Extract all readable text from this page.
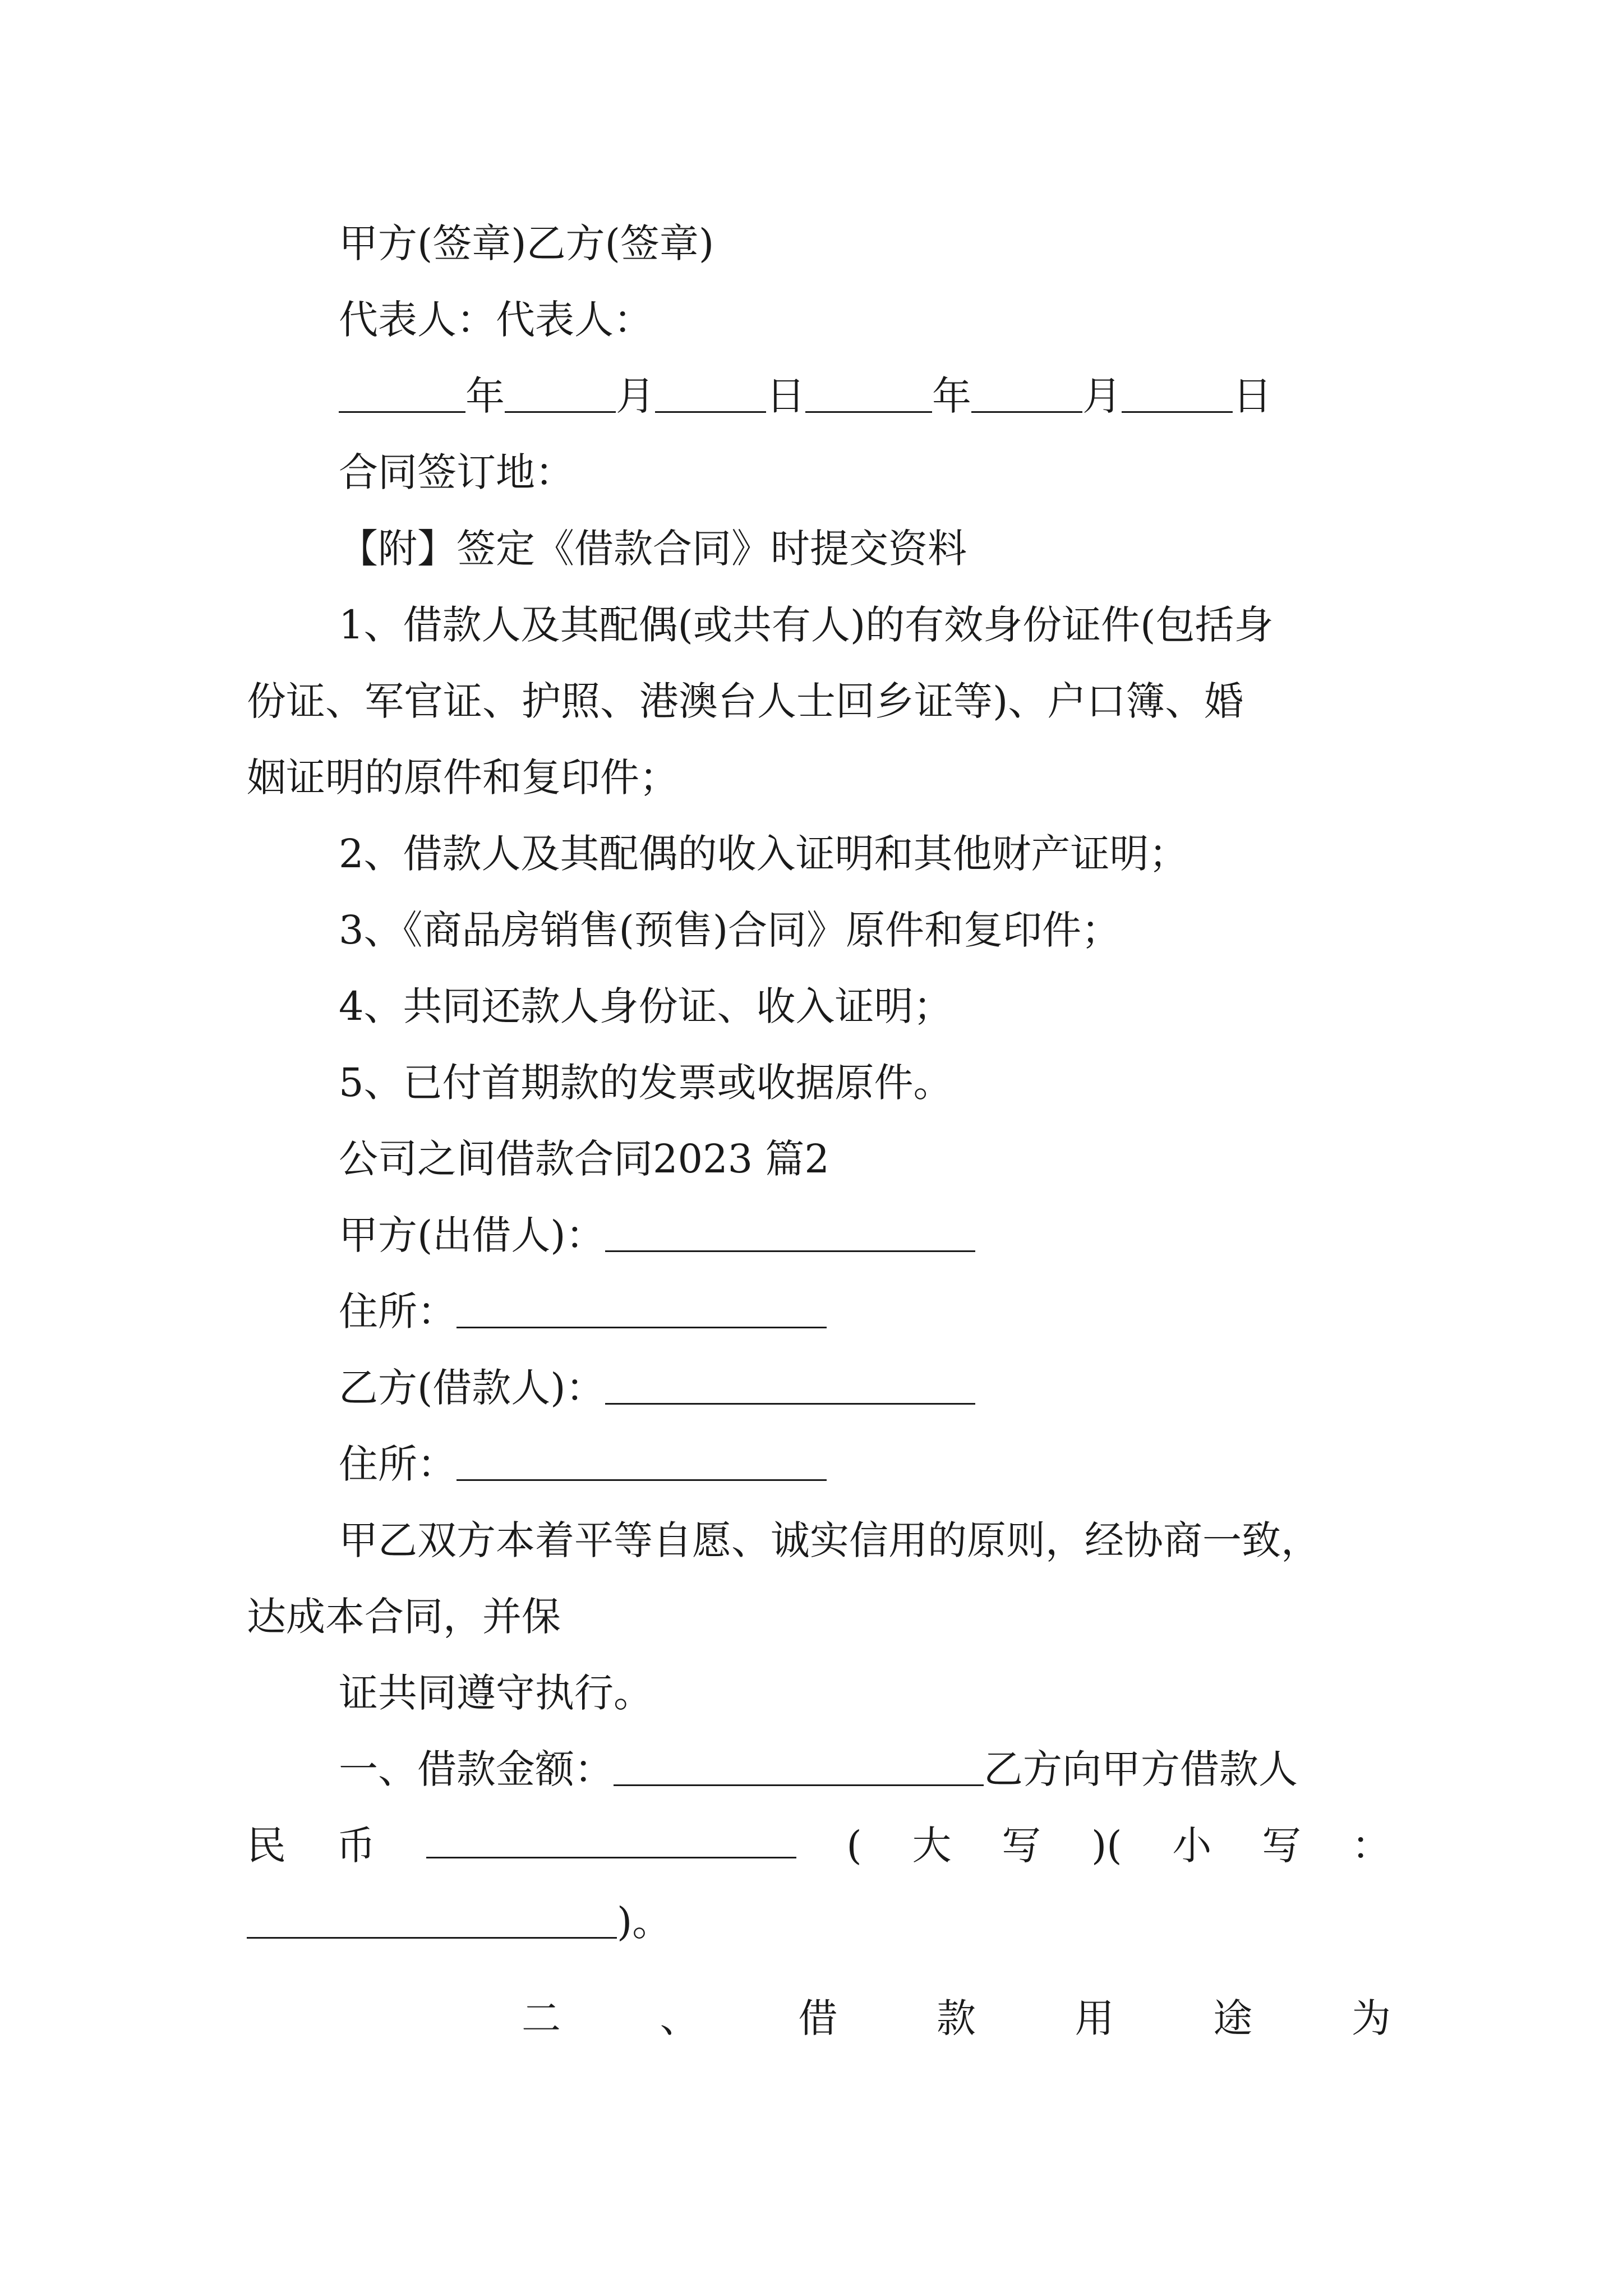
甲方(签章)乙方(签章)
代表人：代表人：
年	月	日	年	月	日
合同签订地：
【附】签定《借款合同》时提交资料
1、借款人及其配偶(或共有人)的有效身份证件(包括身
份证、军官证、护照、港澳台人士回乡证等)、户口簿、婚
姻证明的原件和复印件；
2、借款人及其配偶的收入证明和其他财产证明；
3、《商品房销售(预售)合同》原件和复印件；
4、共同还款人身份证、收入证明；
5、已付首期款的发票或收据原件。
公司之间借款合同2023 篇2
甲方(出借人)：
住所：
乙方(借款人)：
住所：
甲乙双方本着平等自愿、诚实信用的原则，经协商一致，
达成本合同，并保
证共同遵守执行。
一、借款金额：	乙方向甲方借款人
民 币	( 大 写 )( 小 写 ：
)。
二	、	借	款	用	途	为
